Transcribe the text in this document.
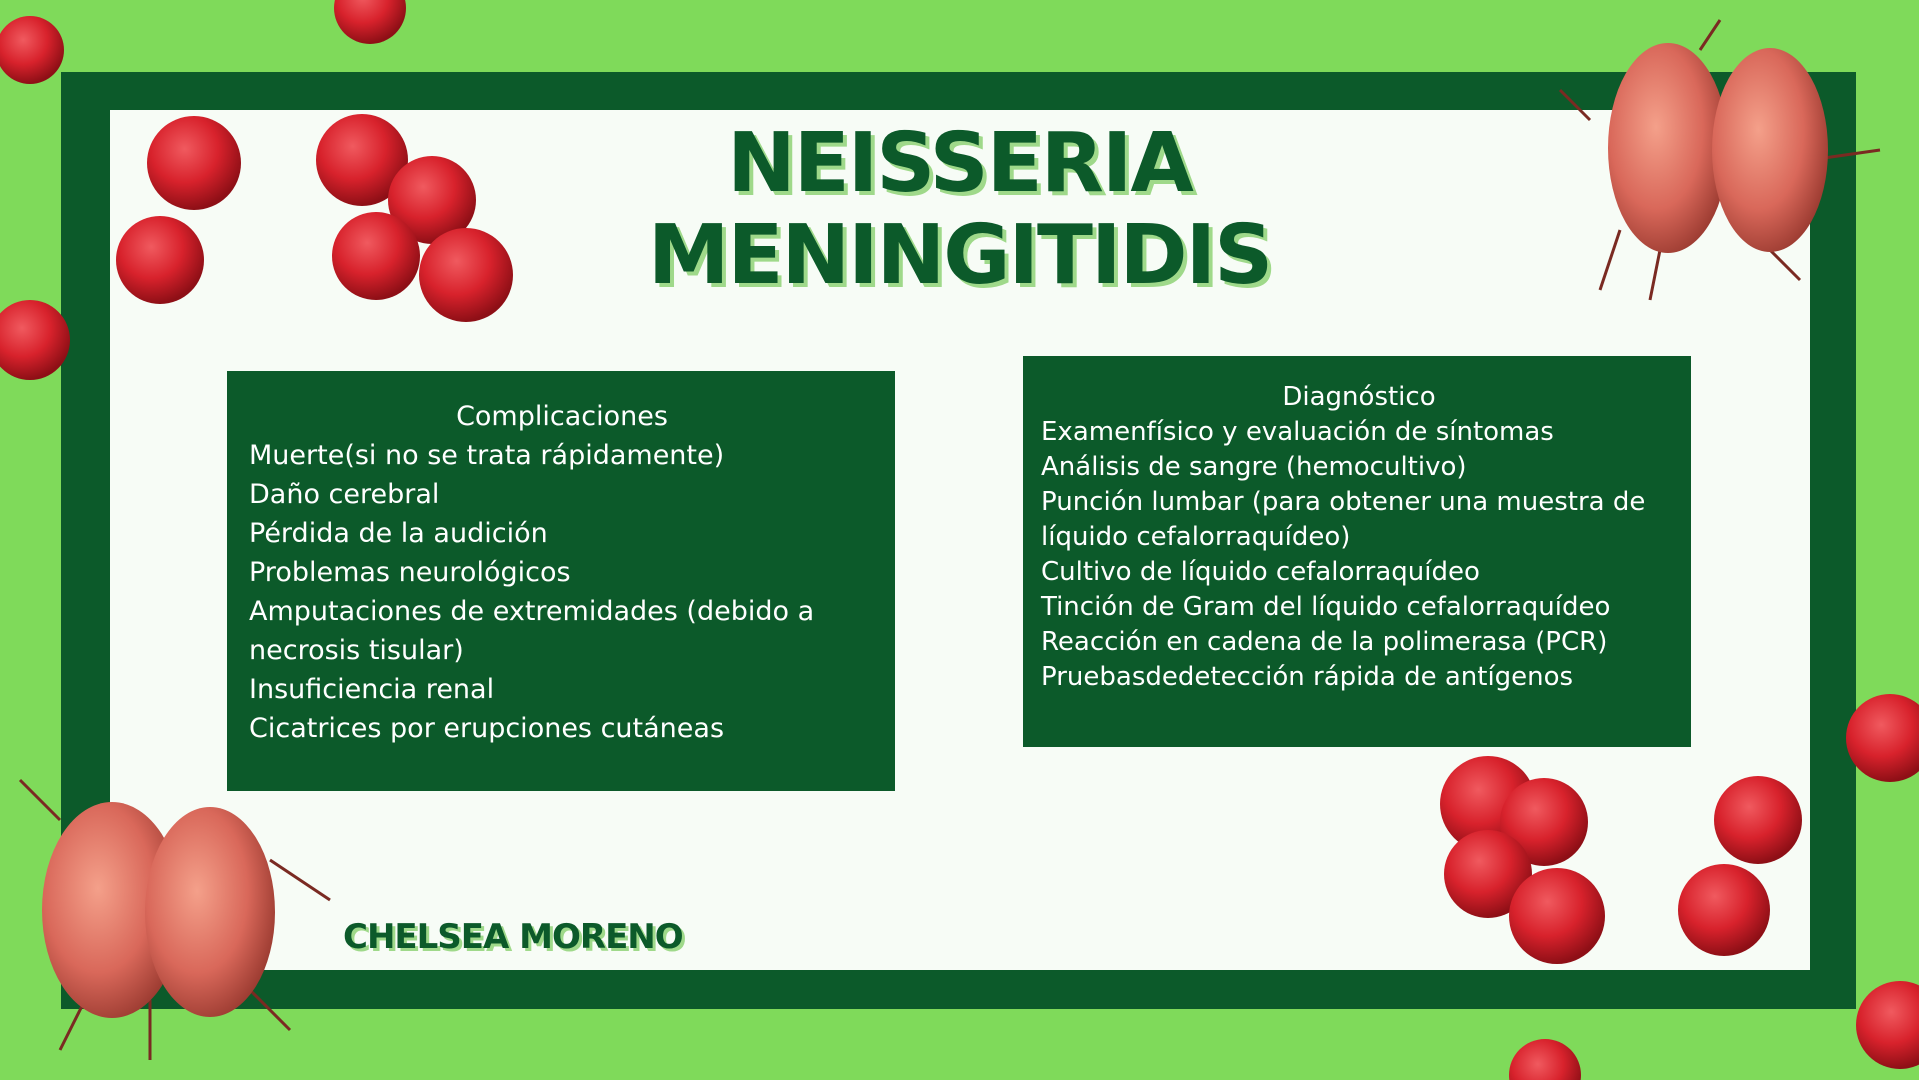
NEISSERIA
MENINGITIDIS
Complicaciones
Muerte(si no se trata rápidamente)
Daño cerebral
Pérdida de la audición
Problemas neurológicos
Amputaciones de extremidades (debido a necrosis tisular)
Insuficiencia renal
Cicatrices por erupciones cutáneas
Diagnóstico
Examenfísico y evaluación de síntomas
Análisis de sangre (hemocultivo)
Punción lumbar (para obtener una muestra de líquido cefalorraquídeo)
Cultivo de líquido cefalorraquídeo
Tinción de Gram del líquido cefalorraquídeo
Reacción en cadena de la polimerasa (PCR)
Pruebasdedetección rápida de antígenos
CHELSEA MORENO
